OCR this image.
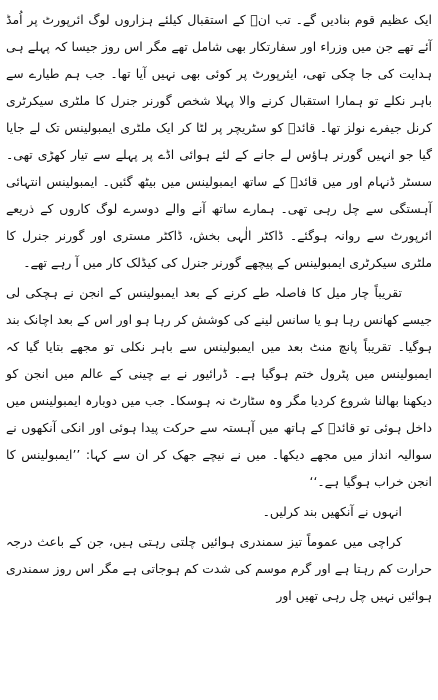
ایک عظیم قوم بنادیں گے۔ تب انؒ کے استقبال کیلئے ہزاروں لوگ ائرپورٹ پر اُمڈ آئے تھے جن میں وزراء اور سفارتکار بھی شامل تھے مگر اس روز جیسا کہ پہلے ہی ہدایت کی جا چکی تھی، ایئرپورٹ پر کوئی بھی نہیں آیا تھا۔ جب ہم طیارے سے باہر نکلے تو ہمارا استقبال کرنے والا پہلا شخص گورنر جنرل کا ملٹری سیکرٹری کرنل جیفرے نولز تھا۔ قائدؒ کو سٹریچر پر لٹا کر ایک ملٹری ایمبولینس تک لے جایا گیا جو انہیں گورنر ہاؤس لے جانے کے لئے ہوائی اڈے پر پہلے سے تیار کھڑی تھی۔ سسٹر ڈنہام اور میں قائدؒ کے ساتھ ایمبولینس میں بیٹھ گئیں۔ ایمبولینس انتہائی آہستگی سے چل رہی تھی۔ ہمارے ساتھ آنے والے دوسرے لوگ کاروں کے ذریعے ائرپورٹ سے روانہ ہوگئے۔ ڈاکٹر الٰہی بخش، ڈاکٹر مستری اور گورنر جنرل کا ملٹری سیکرٹری ایمبولینس کے پیچھے گورنر جنرل کی کیڈلک کار میں آ رہے تھے۔

تقریباً چار میل کا فاصلہ طے کرنے کے بعد ایمبولینس کے انجن نے ہچکی لی جیسے کھانس رہا ہو یا سانس لینے کی کوشش کر رہا ہو اور اس کے بعد اچانک بند ہوگیا۔ تقریباً پانچ منٹ بعد میں ایمبولینس سے باہر نکلی تو مجھے بتایا گیا کہ ایمبولینس میں پٹرول ختم ہوگیا ہے۔ ڈرائیور نے بے چینی کے عالم میں انجن کو دیکھنا بھالنا شروع کردیا مگر وہ سٹارٹ نہ ہوسکا۔ جب میں دوبارہ ایمبولینس میں داخل ہوئی تو قائدؒ کے ہاتھ میں آہستہ سے حرکت پیدا ہوئی اور انکی آنکھوں نے سوالیہ انداز میں مجھے دیکھا۔ میں نے نیچے جھک کر ان سے کہا: ’’ایمبولینس کا انجن خراب ہوگیا ہے۔‘‘

انہوں نے آنکھیں بند کرلیں۔

کراچی میں عموماً تیز سمندری ہوائیں چلتی رہتی ہیں، جن کے باعث درجہ حرارت کم رہتا ہے اور گرم موسم کی شدت کم ہوجاتی ہے مگر اس روز سمندری ہوائیں نہیں چل رہی تھیں اور
